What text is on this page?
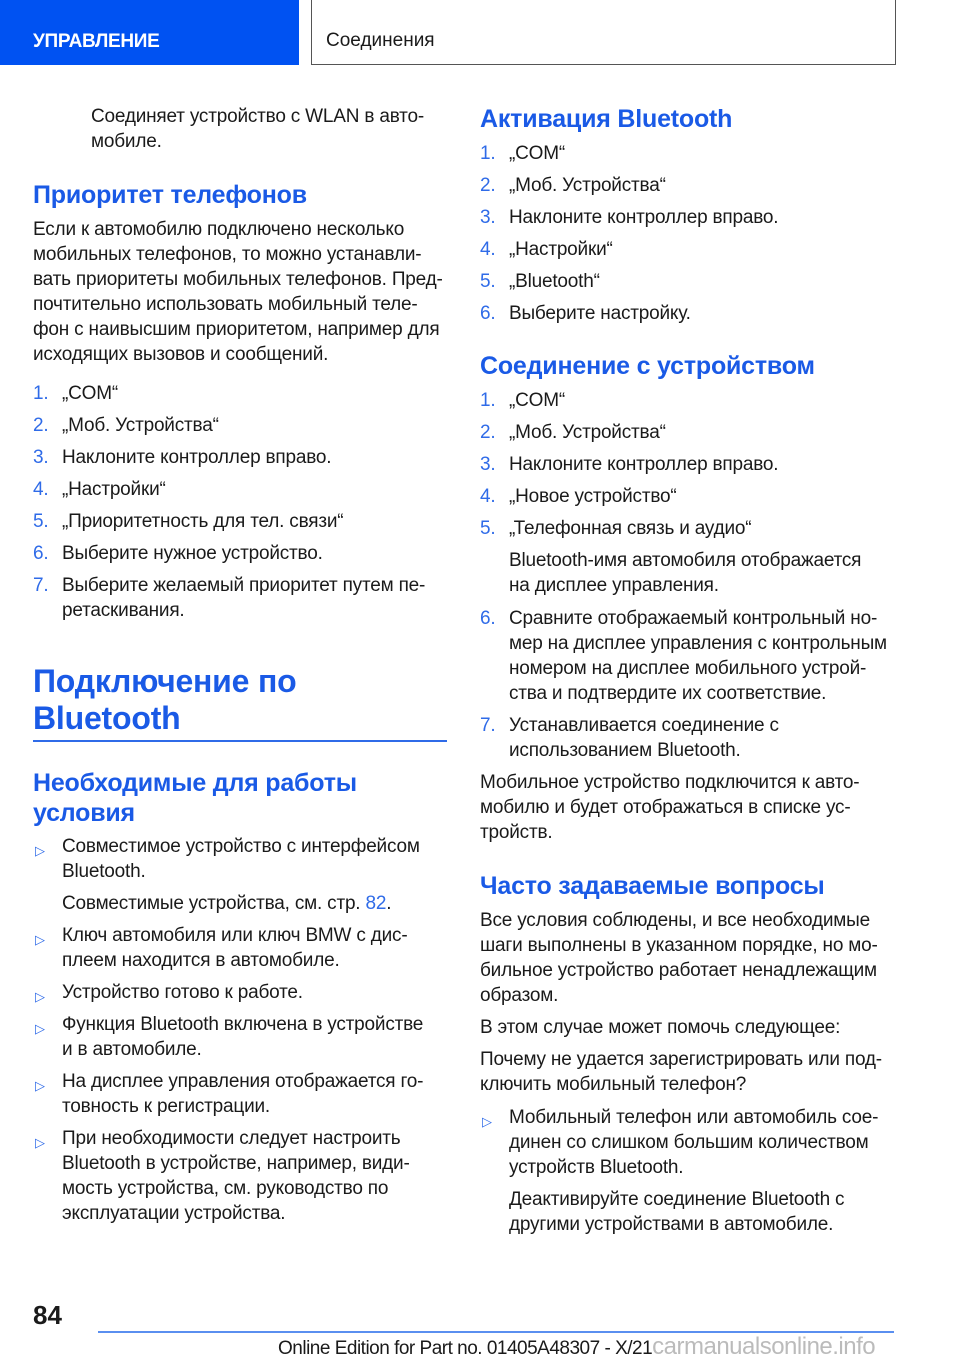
УПРАВЛЕНИЕ	Соединения
Соединяет устройство с WLAN в авто-
мобиле.
Приоритет телефонов
Если к автомобилю подключено несколько
мобильных телефонов, то можно устанавли-
вать приоритеты мобильных телефонов. Пред-
почтительно использовать мобильный теле-
фон с наивысшим приоритетом, например для
исходящих вызовов и сообщений.
1. „COM“
2. „Моб. Устройства“
3. Наклоните контроллер вправо.
4. „Настройки“
5. „Приоритетность для тел. связи“
6. Выберите нужное устройство.
7. Выберите желаемый приоритет путем пе-
ретаскивания.
Подключение по
Bluetooth
Необходимые для работы
условия
▷ Совместимое устройство с интерфейсом
Bluetooth.
Совместимые устройства, см. стр. 82.
▷ Ключ автомобиля или ключ BMW с дис-
плеем находится в автомобиле.
▷ Устройство готово к работе.
▷ Функция Bluetooth включена в устройстве
и в автомобиле.
▷ На дисплее управления отображается го-
товность к регистрации.
▷ При необходимости следует настроить
Bluetooth в устройстве, например, види-
мость устройства, см. руководство по
эксплуатации устройства.
Активация Bluetooth
1. „COM“
2. „Моб. Устройства“
3. Наклоните контроллер вправо.
4. „Настройки“
5. „Bluetooth“
6. Выберите настройку.
Соединение с устройством
1. „COM“
2. „Моб. Устройства“
3. Наклоните контроллер вправо.
4. „Новое устройство“
5. „Телефонная связь и аудио“
Bluetooth-имя автомобиля отображается
на дисплее управления.
6. Сравните отображаемый контрольный но-
мер на дисплее управления с контрольным
номером на дисплее мобильного устрой-
ства и подтвердите их соответствие.
7. Устанавливается соединение с
использованием Bluetooth.
Мобильное устройство подключится к авто-
мобилю и будет отображаться в списке ус-
тройств.
Часто задаваемые вопросы
Все условия соблюдены, и все необходимые
шаги выполнены в указанном порядке, но мо-
бильное устройство работает ненадлежащим
образом.
В этом случае может помочь следующее:
Почему не удается зарегистрировать или под-
ключить мобильный телефон?
▷ Мобильный телефон или автомобиль сое-
динен со слишком большим количеством
устройств Bluetooth.
Деактивируйте соединение Bluetooth с
другими устройствами в автомобиле.
84
Online Edition for Part no. 01405A48307 - X/21carmanualsonline.info
